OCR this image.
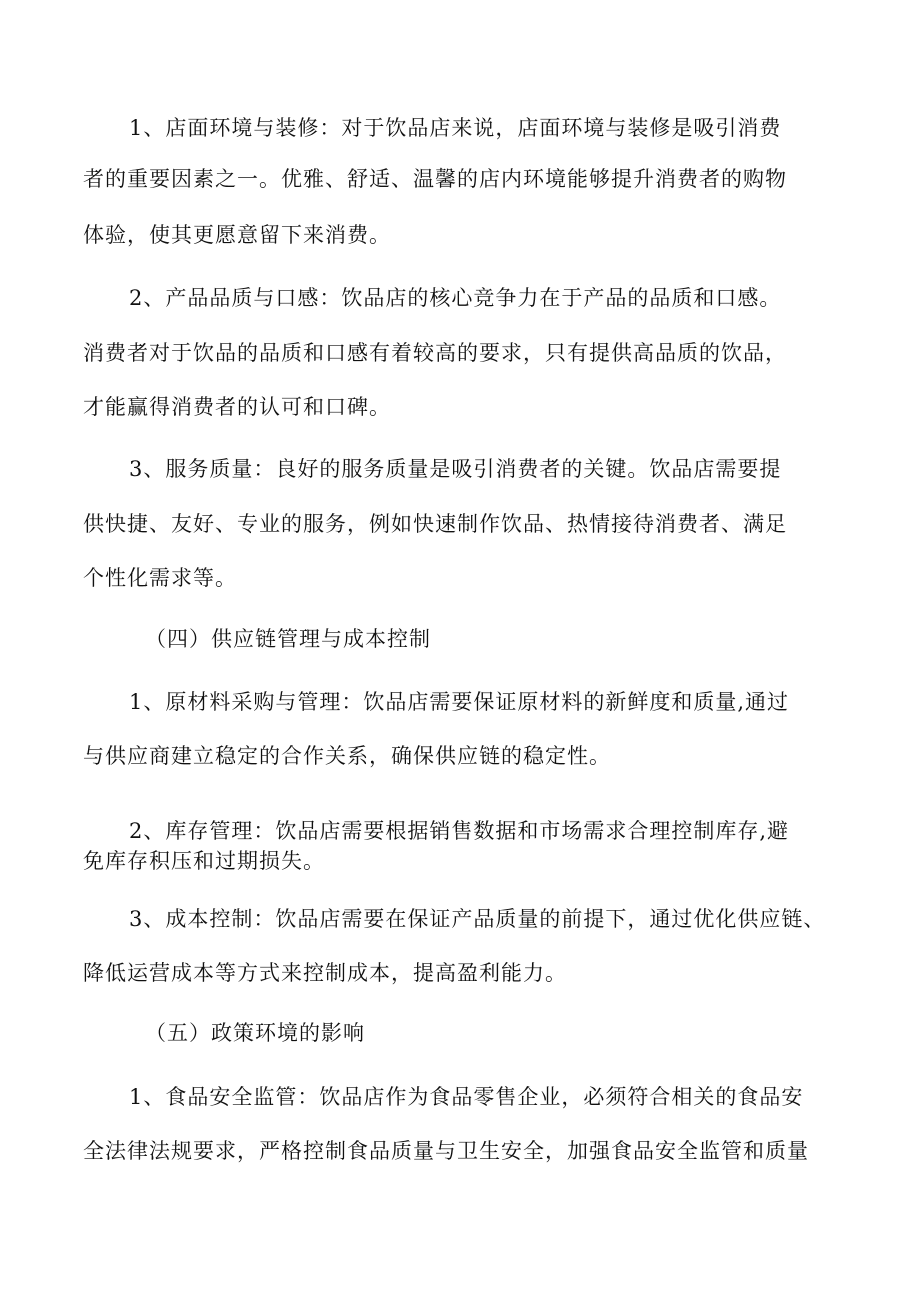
1、店面环境与装修：对于饮品店来说，店面环境与装修是吸引消费
者的重要因素之一。优雅、舒适、温馨的店内环境能够提升消费者的购物
体验，使其更愿意留下来消费。
2、产品品质与口感：饮品店的核心竞争力在于产品的品质和口感。
消费者对于饮品的品质和口感有着较高的要求，只有提供高品质的饮品，
才能赢得消费者的认可和口碑。
3、服务质量：良好的服务质量是吸引消费者的关键。饮品店需要提
供快捷、友好、专业的服务，例如快速制作饮品、热情接待消费者、满足
个性化需求等。
（四）供应链管理与成本控制
1、原材料采购与管理：饮品店需要保证原材料的新鲜度和质量,通过
与供应商建立稳定的合作关系，确保供应链的稳定性。
2、库存管理：饮品店需要根据销售数据和市场需求合理控制库存,避
免库存积压和过期损失。
3、成本控制：饮品店需要在保证产品质量的前提下，通过优化供应链、
降低运营成本等方式来控制成本，提高盈利能力。
（五）政策环境的影响
1、食品安全监管：饮品店作为食品零售企业，必须符合相关的食品安
全法律法规要求，严格控制食品质量与卫生安全，加强食品安全监管和质量
